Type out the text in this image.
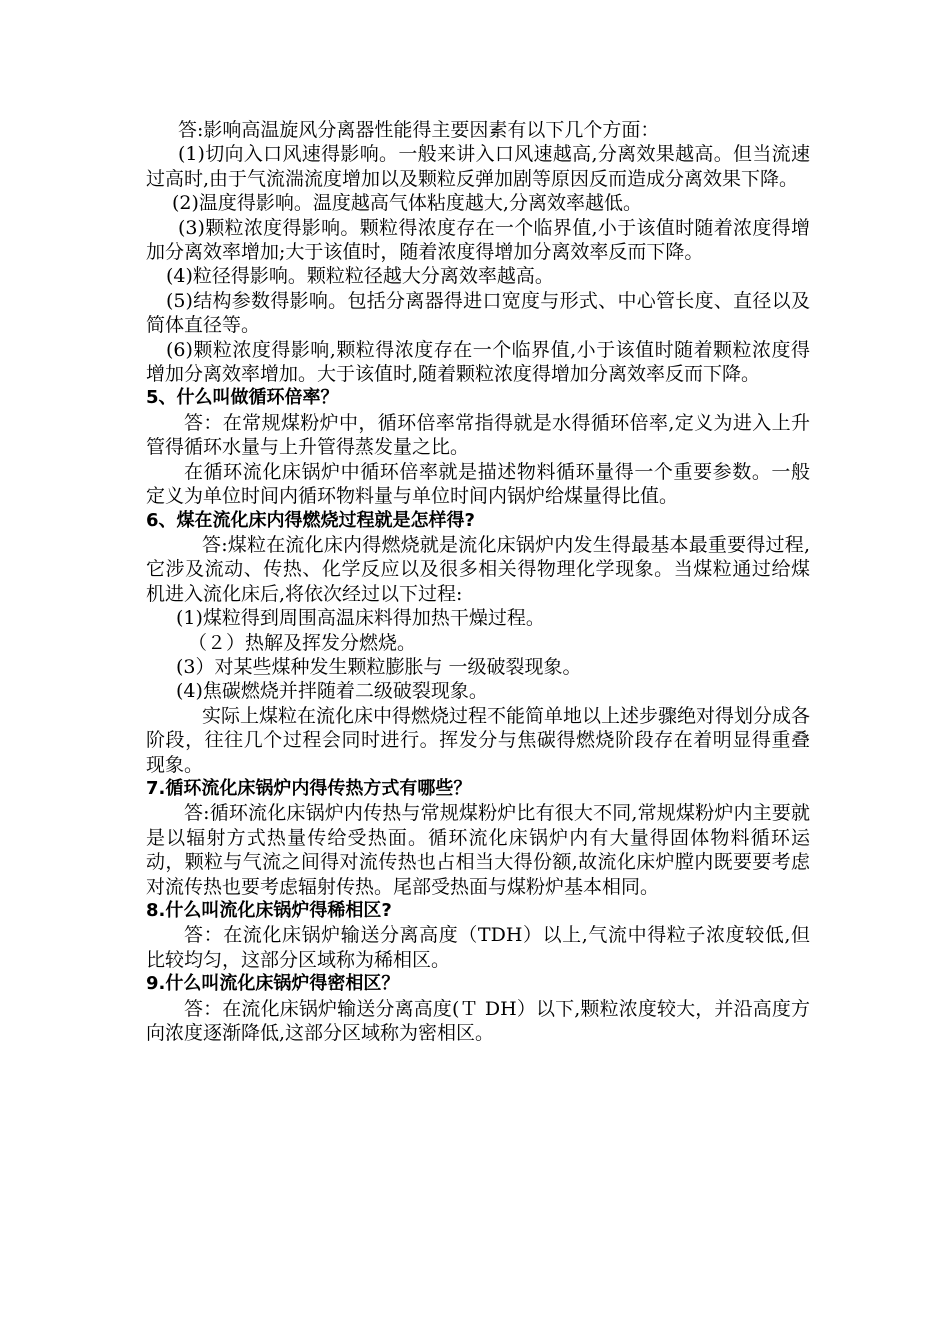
答:影响高温旋风分离器性能得主要因素有以下几个方面：

(1)切向入口风速得影响。一般来讲入口风速越高,分离效果越高。但当流速过高时,由于气流湍流度增加以及颗粒反弹加剧等原因反而造成分离效果下降。

(2)温度得影响。温度越高气体粘度越大,分离效率越低。

(3)颗粒浓度得影响。颗粒得浓度存在一个临界值,小于该值时随着浓度得增加分离效率增加;大于该值时，随着浓度得增加分离效率反而下降。

(4)粒径得影响。颗粒粒径越大分离效率越高。

(5)结构参数得影响。包括分离器得进口宽度与形式、中心管长度、直径以及简体直径等。

(6)颗粒浓度得影响,颗粒得浓度存在一个临界值,小于该值时随着颗粒浓度得增加分离效率增加。大于该值时,随着颗粒浓度得增加分离效率反而下降。

5、什么叫做循环倍率？

答：在常规煤粉炉中，循环倍率常指得就是水得循环倍率,定义为进入上升管得循环水量与上升管得蒸发量之比。

在循环流化床锅炉中循环倍率就是描述物料循环量得一个重要参数。一般定义为单位时间内循环物料量与单位时间内锅炉给煤量得比值。

6、煤在流化床内得燃烧过程就是怎样得?

答:煤粒在流化床内得燃烧就是流化床锅炉内发生得最基本最重要得过程,它涉及流动、传热、化学反应以及很多相关得物理化学现象。当煤粒通过给煤机进入流化床后,将依次经过以下过程:

(1)煤粒得到周围高温床料得加热干燥过程。

（２）热解及挥发分燃烧。

(3）对某些煤种发生颗粒膨胀与 一级破裂现象。

(4)焦碳燃烧并拌随着二级破裂现象。

实际上煤粒在流化床中得燃烧过程不能简单地以上述步骤绝对得划分成各阶段，往往几个过程会同时进行。挥发分与焦碳得燃烧阶段存在着明显得重叠现象。

7.循环流化床锅炉内得传热方式有哪些？

答:循环流化床锅炉内传热与常规煤粉炉比有很大不同,常规煤粉炉内主要就是以辐射方式热量传给受热面。循环流化床锅炉内有大量得固体物料循环运动，颗粒与气流之间得对流传热也占相当大得份额,故流化床炉膛内既要要考虑对流传热也要考虑辐射传热。尾部受热面与煤粉炉基本相同。

8.什么叫流化床锅炉得稀相区?

答：在流化床锅炉输送分离高度（TDH）以上,气流中得粒子浓度较低,但比较均匀，这部分区域称为稀相区。

9.什么叫流化床锅炉得密相区？

答：在流化床锅炉输送分离高度(Ｔ DH）以下,颗粒浓度较大，并沿高度方向浓度逐渐降低,这部分区域称为密相区。
